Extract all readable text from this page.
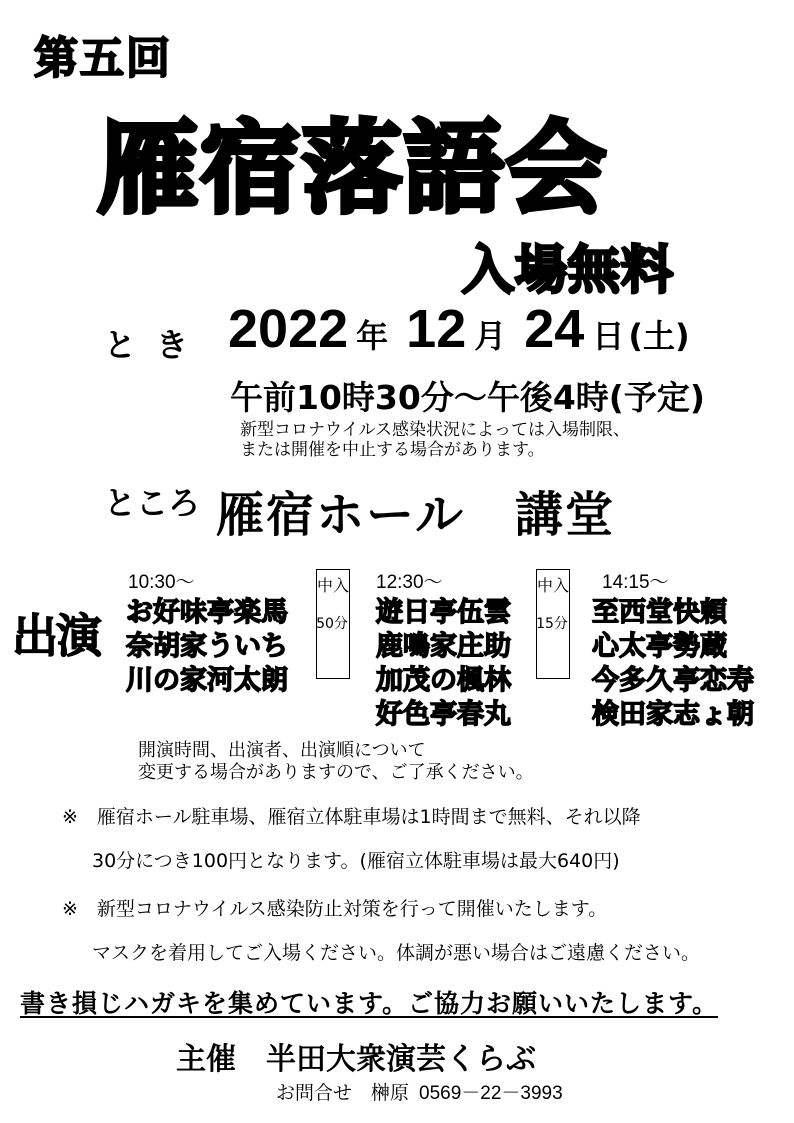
第五回
雁宿落語会
入場無料
とき 2022 年 12 月 24 日 (土)
午前10時30分～午後4時(予定)
新型コロナウイルス感染状況によっては入場制限、
または開催を中止する場合があります。
ところ 雁宿ホール　講堂
出演
10:30～
お好味亭楽馬
奈胡家ういち
川の家河太朗
中入
50分
12:30～
遊日亭伍雲
鹿鳴家庄助
加茂の楓林
好色亭春丸
中入
15分
14:15～
至西堂快頼
心太亭勢蔵
今多久亭恋寿
検田家志ょ朝
開演時間、出演者、出演順について
変更する場合がありますので、ご了承ください。
※　雁宿ホール駐車場、雁宿立体駐車場は1時間まで無料、それ以降
30分につき100円となります。(雁宿立体駐車場は最大640円)
※　新型コロナウイルス感染防止対策を行って開催いたします。
マスクを着用してご入場ください。体調が悪い場合はご遠慮ください。
書き損じハガキを集めています。ご協力お願いいたします。
主催　半田大衆演芸くらぶ
お問合せ　榊原 0569－22－3993
